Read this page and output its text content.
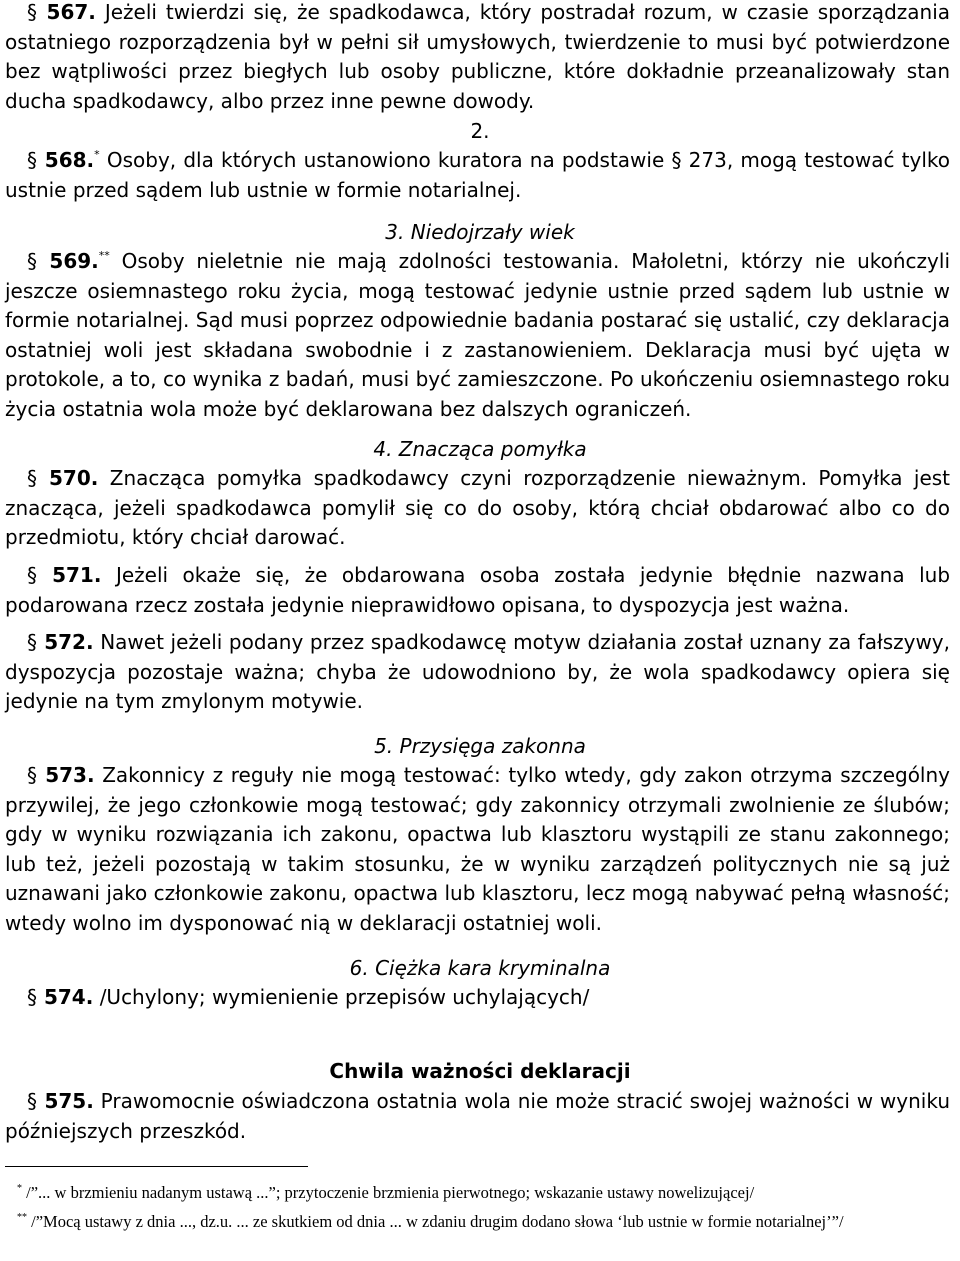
§ 567. Jeżeli twierdzi się, że spadkodawca, który postradał rozum, w czasie sporządzania ostatniego rozporządzenia był w pełni sił umysłowych, twierdzenie to musi być potwierdzone bez wątpliwości przez biegłych lub osoby publiczne, które dokładnie przeanalizowały stan ducha spadkodawcy, albo przez inne pewne dowody.

2.

§ 568.* Osoby, dla których ustanowiono kuratora na podstawie § 273, mogą testować tylko ustnie przed sądem lub ustnie w formie notarialnej.

3. Niedojrzały wiek

§ 569.** Osoby nieletnie nie mają zdolności testowania. Małoletni, którzy nie ukończyli jeszcze osiemnastego roku życia, mogą testować jedynie ustnie przed sądem lub ustnie w formie notarialnej. Sąd musi poprzez odpowiednie badania postarać się ustalić, czy deklaracja ostatniej woli jest składana swobodnie i z zastanowieniem. Deklaracja musi być ujęta w protokole, a to, co wynika z badań, musi być zamieszczone. Po ukończeniu osiemnastego roku życia ostatnia wola może być deklarowana bez dalszych ograniczeń.

4. Znacząca pomyłka

§ 570. Znacząca pomyłka spadkodawcy czyni rozporządzenie nieważnym. Pomyłka jest znacząca, jeżeli spadkodawca pomylił się co do osoby, którą chciał obdarować albo co do przedmiotu, który chciał darować.

§ 571. Jeżeli okaże się, że obdarowana osoba została jedynie błędnie nazwana lub podarowana rzecz została jedynie nieprawidłowo opisana, to dyspozycja jest ważna.

§ 572. Nawet jeżeli podany przez spadkodawcę motyw działania został uznany za fałszywy, dyspozycja pozostaje ważna; chyba że udowodniono by, że wola spadkodawcy opiera się jedynie na tym zmylonym motywie.

5. Przysięga zakonna

§ 573. Zakonnicy z reguły nie mogą testować: tylko wtedy, gdy zakon otrzyma szczególny przywilej, że jego członkowie mogą testować; gdy zakonnicy otrzymali zwolnienie ze ślubów; gdy w wyniku rozwiązania ich zakonu, opactwa lub klasztoru wystąpili ze stanu zakonnego; lub też, jeżeli pozostają w takim stosunku, że w wyniku zarządzeń politycznych nie są już uznawani jako członkowie zakonu, opactwa lub klasztoru, lecz mogą nabywać pełną własność; wtedy wolno im dysponować nią w deklaracji ostatniej woli.

6. Ciężka kara kryminalna

§ 574. /Uchylony; wymienienie przepisów uchylających/

Chwila ważności deklaracji

§ 575. Prawomocnie oświadczona ostatnia wola nie może stracić swojej ważności w wyniku późniejszych przeszkód.

* /”... w brzmieniu nadanym ustawą ...”; przytoczenie brzmienia pierwotnego; wskazanie ustawy nowelizującej/

** /”Mocą ustawy z dnia ..., dz.u. ... ze skutkiem od dnia ... w zdaniu drugim dodano słowa ‘lub ustnie w formie notarialnej’”/
